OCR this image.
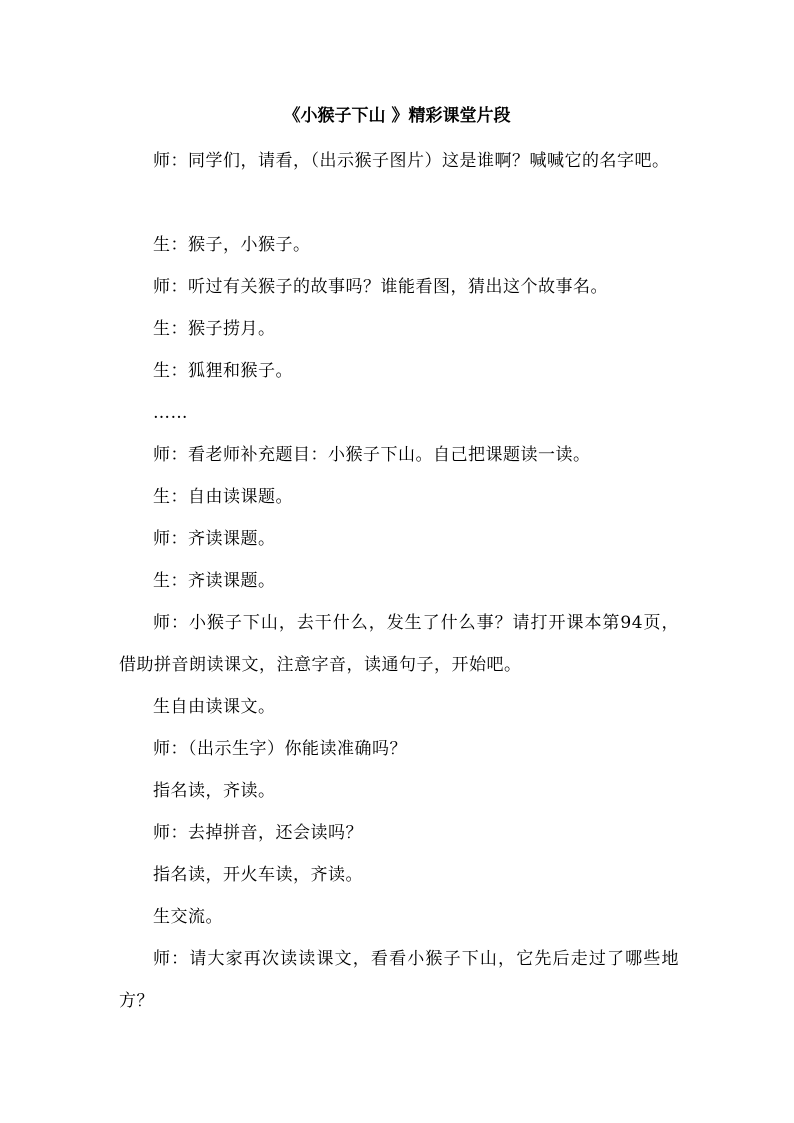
《小猴子下山 》精彩课堂片段

师：同学们，请看，（出示猴子图片）这是谁啊？喊喊它的名字吧。

生：猴子，小猴子。

师：听过有关猴子的故事吗？谁能看图，猜出这个故事名。

生：猴子捞月。

生：狐狸和猴子。

……

师：看老师补充题目：小猴子下山。自己把课题读一读。

生：自由读课题。

师：齐读课题。

生：齐读课题。

师：小猴子下山，去干什么，发生了什么事？请打开课本第94页，借助拼音朗读课文，注意字音，读通句子，开始吧。

生自由读课文。

师：（出示生字）你能读准确吗？

指名读，齐读。

师：去掉拼音，还会读吗？

指名读，开火车读，齐读。

生交流。

师：请大家再次读读课文，看看小猴子下山，它先后走过了哪些地方？
